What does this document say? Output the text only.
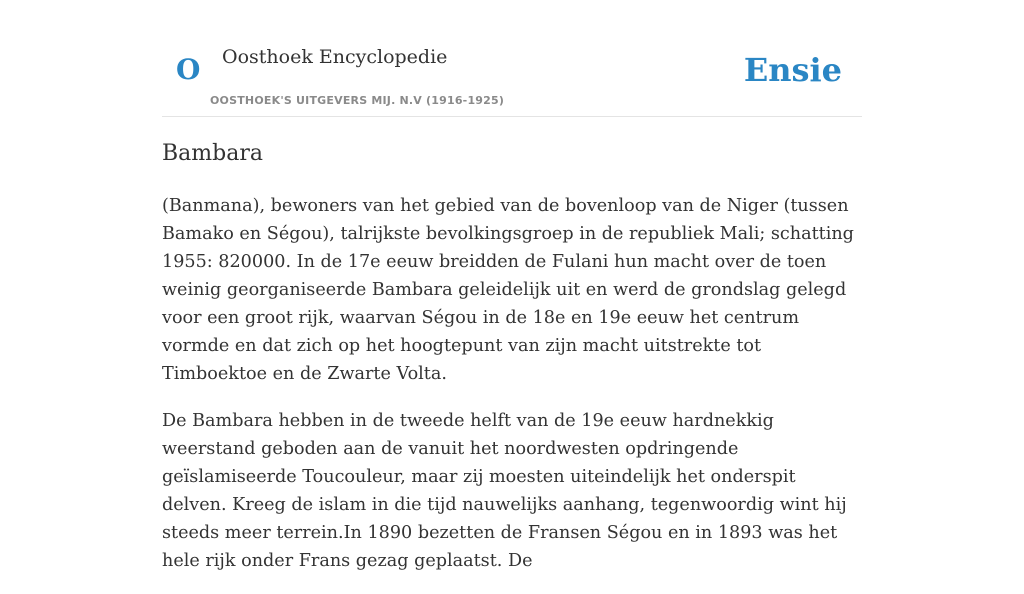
O Oosthoek Encyclopedie
OOSTHOEK'S UITGEVERS MIJ. N.V (1916-1925)
Ensie
Bambara

(Banmana), bewoners van het gebied van de bovenloop van de Niger (tussen Bamako en Ségou), talrijkste bevolkingsgroep in de republiek Mali; schatting 1955: 820000. In de 17e eeuw breidden de Fulani hun macht over de toen weinig georganiseerde Bambara geleidelijk uit en werd de grondslag gelegd voor een groot rijk, waarvan Ségou in de 18e en 19e eeuw het centrum vormde en dat zich op het hoogtepunt van zijn macht uitstrekte tot Timboektoe en de Zwarte Volta.

De Bambara hebben in de tweede helft van de 19e eeuw hardnekkig weerstand geboden aan de vanuit het noordwesten opdringende geïslamiseerde Toucouleur, maar zij moesten uiteindelijk het onderspit delven. Kreeg de islam in die tijd nauwelijks aanhang, tegenwoordig wint hij steeds meer terrein.In 1890 bezetten de Fransen Ségou en in 1893 was het hele rijk onder Frans gezag geplaatst. De
